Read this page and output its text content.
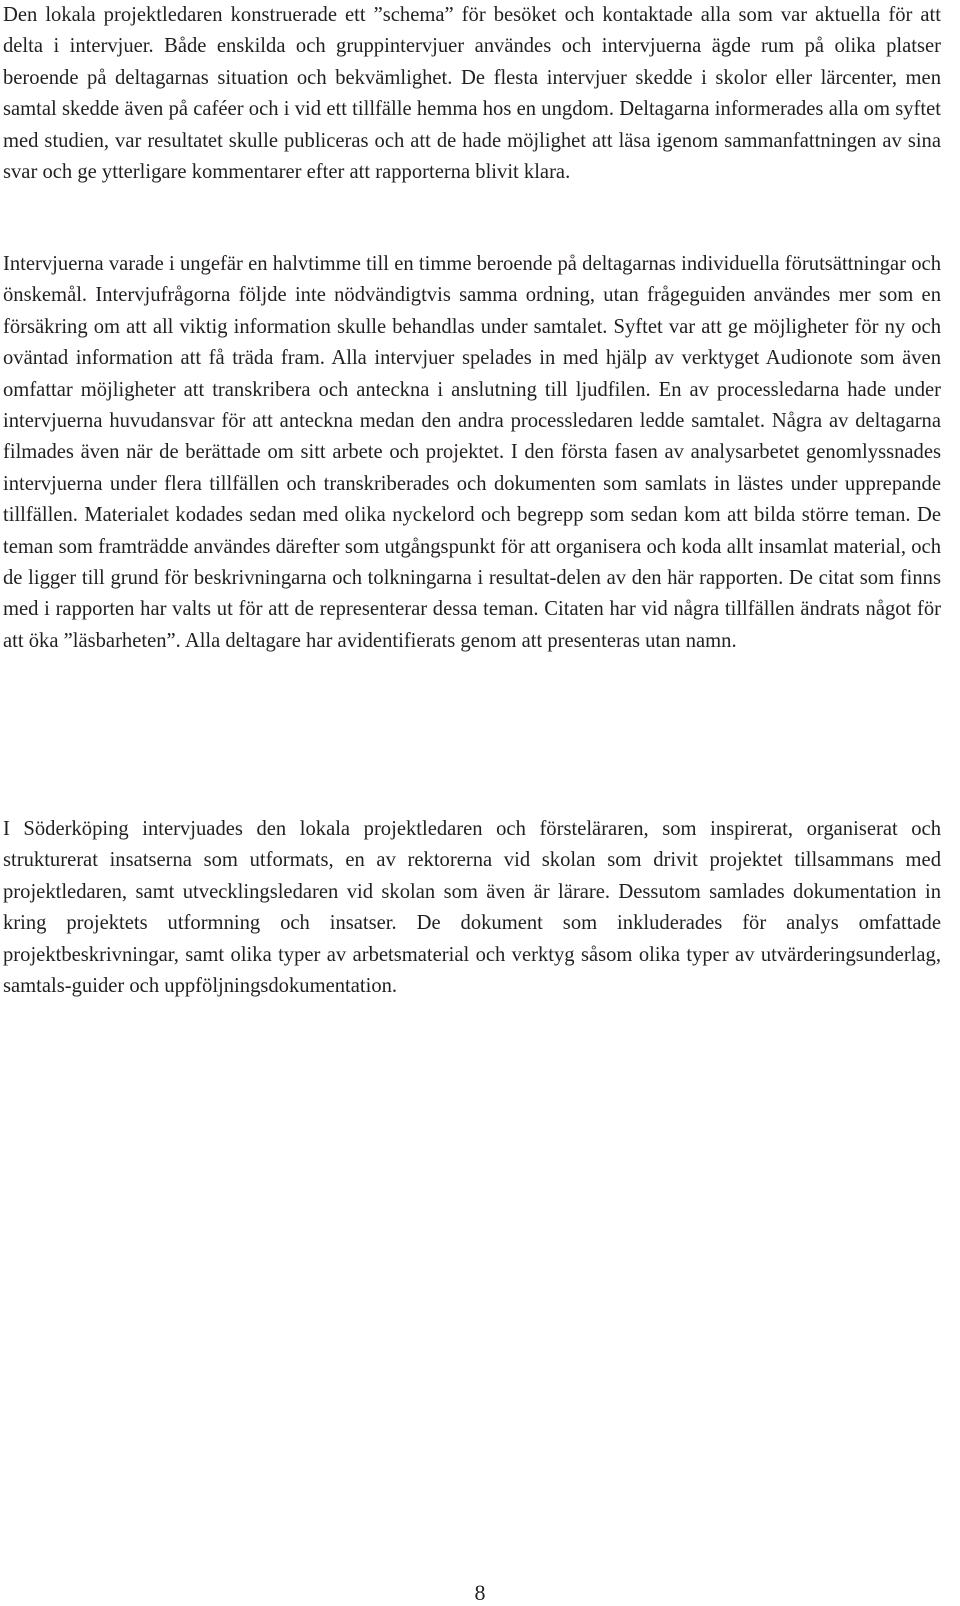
Den lokala projektledaren konstruerade ett ”schema” för besöket och kontaktade alla som var aktuella för att delta i intervjuer. Både enskilda och gruppintervjuer användes och intervjuerna ägde rum på olika platser beroende på deltagarnas situation och bekvämlighet. De flesta intervjuer skedde i skolor eller lärcenter, men samtal skedde även på caféer och i vid ett tillfälle hemma hos en ungdom. Deltagarna informerades alla om syftet med studien, var resultatet skulle publiceras och att de hade möjlighet att läsa igenom sammanfattningen av sina svar och ge ytterligare kommentarer efter att rapporterna blivit klara.

Intervjuerna varade i ungefär en halvtimme till en timme beroende på deltagarnas individuella förutsättningar och önskemål. Intervjufrågorna följde inte nödvändigtvis samma ordning, utan frågeguiden användes mer som en försäkring om att all viktig information skulle behandlas under samtalet. Syftet var att ge möjligheter för ny och oväntad information att få träda fram. Alla intervjuer spelades in med hjälp av verktyget Audionote som även omfattar möjligheter att transkribera och anteckna i anslutning till ljudfilen. En av processledarna hade under intervjuerna huvudansvar för att anteckna medan den andra processledaren ledde samtalet. Några av deltagarna filmades även när de berättade om sitt arbete och projektet. I den första fasen av analysarbetet genomlyssnades intervjuerna under flera tillfällen och transkriberades och dokumenten som samlats in lästes under upprepande tillfällen. Materialet kodades sedan med olika nyckelord och begrepp som sedan kom att bilda större teman. De teman som framträdde användes därefter som utgångspunkt för att organisera och koda allt insamlat material, och de ligger till grund för beskrivningarna och tolkningarna i resultat-delen av den här rapporten. De citat som finns med i rapporten har valts ut för att de representerar dessa teman. Citaten har vid några tillfällen ändrats något för att öka ”läsbarheten”. Alla deltagare har avidentifierats genom att presenteras utan namn.

I Söderköping intervjuades den lokala projektledaren och försteläraren, som inspirerat, organiserat och strukturerat insatserna som utformats, en av rektorerna vid skolan som drivit projektet tillsammans med projektledaren, samt utvecklingsledaren vid skolan som även är lärare. Dessutom samlades dokumentation in kring projektets utformning och insatser. De dokument som inkluderades för analys omfattade projektbeskrivningar, samt olika typer av arbetsmaterial och verktyg såsom olika typer av utvärderingsunderlag, samtals-guider och uppföljningsdokumentation.

8
